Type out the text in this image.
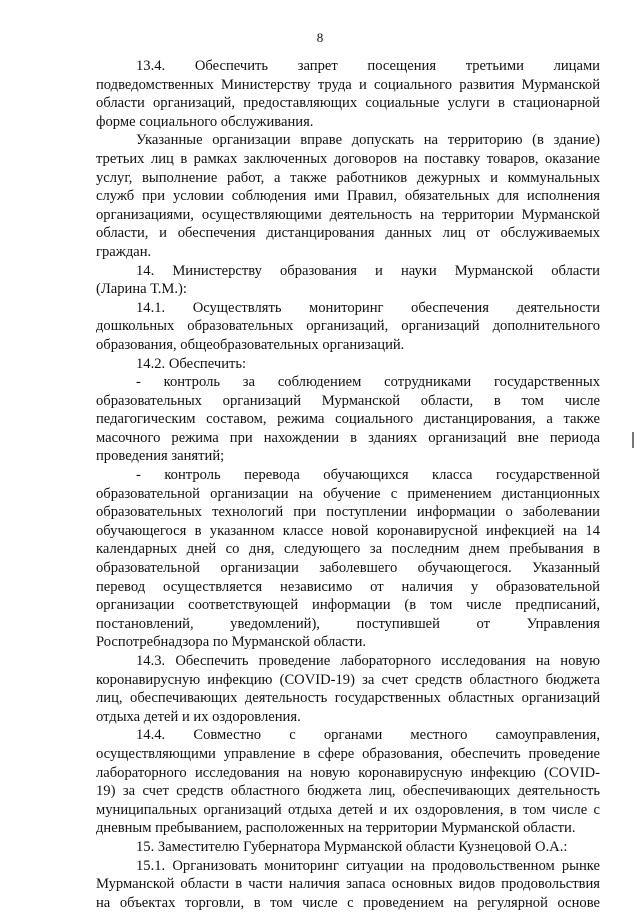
8

13.4. Обеспечить запрет посещения третьими лицами
подведомственных Министерству труда и социального развития Мурманской
области организаций, предоставляющих социальные услуги в стационарной
форме социального обслуживания.

Указанные организации вправе допускать на территорию (в здание)
третьих лиц в рамках заключенных договоров на поставку товаров, оказание
услуг, выполнение работ, а также работников дежурных и коммунальных
служб при условии соблюдения ими Правил, обязательных для исполнения
организациями, осуществляющими деятельность на территории Мурманской
области, и обеспечения дистанцирования данных лиц от обслуживаемых
граждан.

14. Министерству образования и науки Мурманской области
(Ларина Т.М.):

14.1. Осуществлять мониторинг обеспечения деятельности
дошкольных образовательных организаций, организаций дополнительного
образования, общеобразовательных организаций.

14.2. Обеспечить:

- контроль за соблюдением сотрудниками государственных
образовательных организаций Мурманской области, в том числе
педагогическим составом, режима социального дистанцирования, а также
масочного режима при нахождении в зданиях организаций вне периода
проведения занятий;

- контроль перевода обучающихся класса государственной
образовательной организации на обучение с применением дистанционных
образовательных технологий при поступлении информации о заболевании
обучающегося в указанном классе новой коронавирусной инфекцией на 14
календарных дней со дня, следующего за последним днем пребывания в
образовательной организации заболевшего обучающегося. Указанный
перевод осуществляется независимо от наличия у образовательной
организации соответствующей информации (в том числе предписаний,
постановлений, уведомлений), поступившей от Управления
Роспотребнадзора по Мурманской области.

14.3. Обеспечить проведение лабораторного исследования на новую
коронавирусную инфекцию (COVID-19) за счет средств областного бюджета
лиц, обеспечивающих деятельность государственных областных организаций
отдыха детей и их оздоровления.

14.4. Совместно с органами местного самоуправления,
осуществляющими управление в сфере образования, обеспечить проведение
лабораторного исследования на новую коронавирусную инфекцию (COVID-
19) за счет средств областного бюджета лиц, обеспечивающих деятельность
муниципальных организаций отдыха детей и их оздоровления, в том числе с
дневным пребыванием, расположенных на территории Мурманской области.

15. Заместителю Губернатора Мурманской области Кузнецовой О.А.:

15.1. Организовать мониторинг ситуации на продовольственном рынке
Мурманской области в части наличия запаса основных видов продовольствия
на объектах торговли, в том числе с проведением на регулярной основе
